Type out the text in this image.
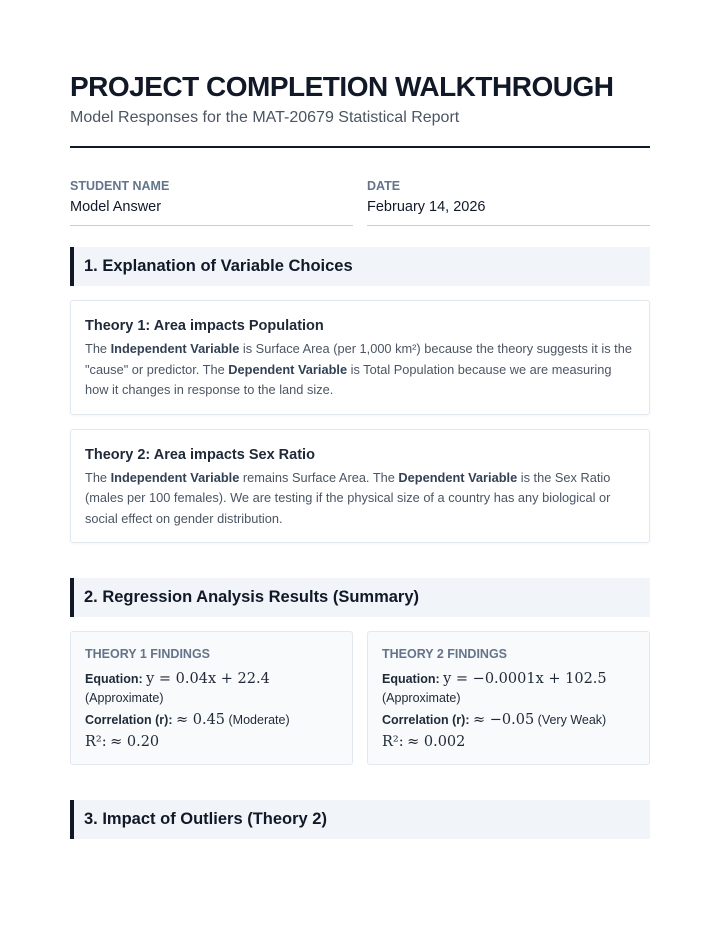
PROJECT COMPLETION WALKTHROUGH
Model Responses for the MAT-20679 Statistical Report
STUDENT NAME
Model Answer
DATE
February 14, 2026
1. Explanation of Variable Choices
Theory 1: Area impacts Population
The Independent Variable is Surface Area (per 1,000 km²) because the theory suggests it is the "cause" or predictor. The Dependent Variable is Total Population because we are measuring how it changes in response to the land size.
Theory 2: Area impacts Sex Ratio
The Independent Variable remains Surface Area. The Dependent Variable is the Sex Ratio (males per 100 females). We are testing if the physical size of a country has any biological or social effect on gender distribution.
2. Regression Analysis Results (Summary)
THEORY 1 FINDINGS
Equation: y = 0.04x + 22.4
(Approximate)
Correlation (r): ≈ 0.45 (Moderate)
R²: ≈ 0.20
THEORY 2 FINDINGS
Equation: y = −0.0001x + 102.5
(Approximate)
Correlation (r): ≈ −0.05 (Very Weak)
R²: ≈ 0.002
3. Impact of Outliers (Theory 2)
